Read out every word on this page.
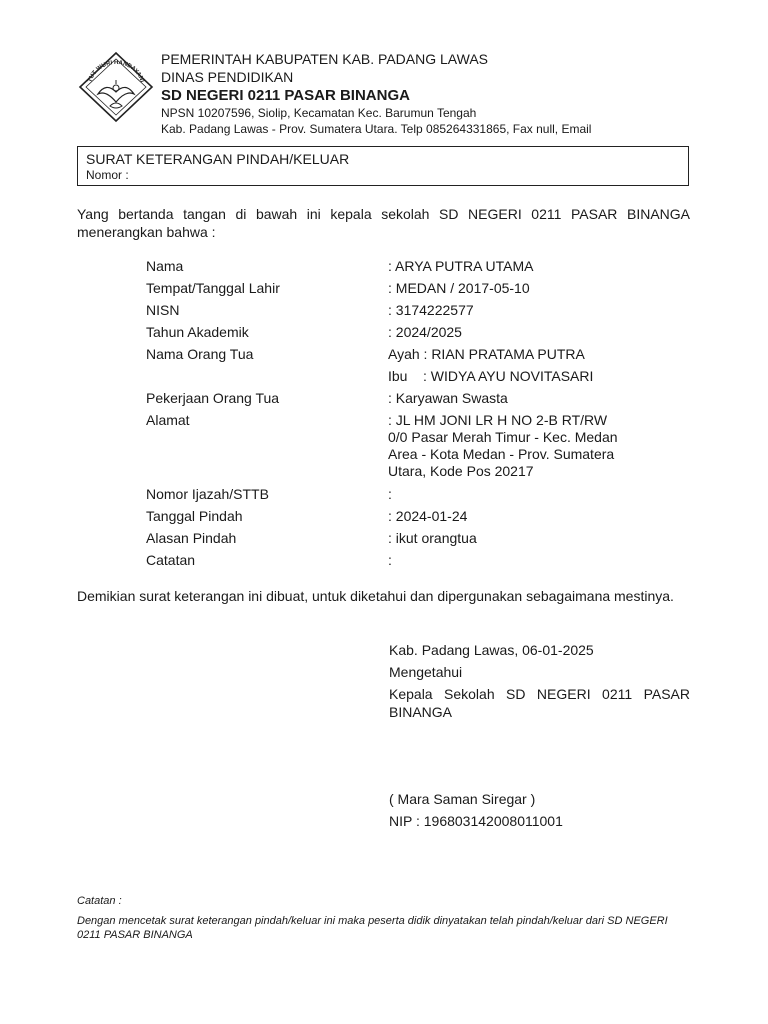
TUT WURI HANDAYANI
PEMERINTAH KABUPATEN KAB. PADANG LAWAS
DINAS PENDIDIKAN
SD NEGERI 0211 PASAR BINANGA
NPSN 10207596, Siolip, Kecamatan Kec. Barumun Tengah
Kab. Padang Lawas - Prov. Sumatera Utara. Telp 085264331865, Fax null, Email
SURAT KETERANGAN PINDAH/KELUAR
Nomor :
Yang bertanda tangan di bawah ini kepala sekolah SD NEGERI 0211 PASAR BINANGA menerangkan bahwa :
Nama	: ARYA PUTRA UTAMA
Tempat/Tanggal Lahir	: MEDAN / 2017-05-10
NISN	: 3174222577
Tahun Akademik	: 2024/2025
Nama Orang Tua	Ayah : RIAN PRATAMA PUTRA
Ibu    : WIDYA AYU NOVITASARI
Pekerjaan Orang Tua	: Karyawan Swasta
Alamat	: JL HM JONI LR H NO 2-B RT/RW 0/0 Pasar Merah Timur - Kec. Medan Area - Kota Medan - Prov. Sumatera Utara, Kode Pos 20217
Nomor Ijazah/STTB	:
Tanggal Pindah	: 2024-01-24
Alasan Pindah	: ikut orangtua
Catatan	:
Demikian surat keterangan ini dibuat, untuk diketahui dan dipergunakan sebagaimana mestinya.
Kab. Padang Lawas, 06-01-2025
Mengetahui
Kepala Sekolah SD NEGERI 0211 PASAR BINANGA
( Mara Saman Siregar )
NIP : 196803142008011001
Catatan :
Dengan mencetak surat keterangan pindah/keluar ini maka peserta didik dinyatakan telah pindah/keluar dari SD NEGERI 0211 PASAR BINANGA
